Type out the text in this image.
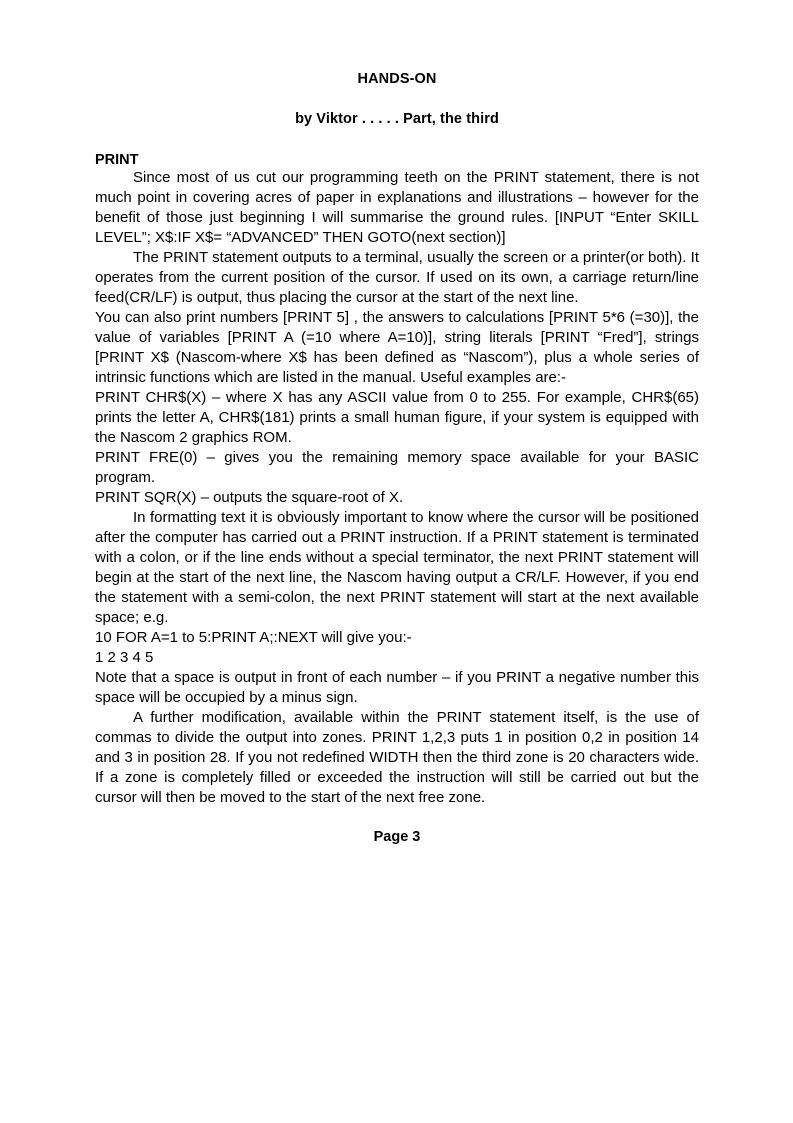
HANDS-ON
by Viktor . . . . . Part, the third
PRINT

Since most of us cut our programming teeth on the PRINT statement, there is not much point in covering acres of paper in explanations and illustrations – however for the benefit of those just beginning I will summarise the ground rules. [INPUT “Enter SKILL LEVEL”; X$:IF X$= “ADVANCED” THEN GOTO(next section)]

The PRINT statement outputs to a terminal, usually the screen or a printer(or both). It operates from the current position of the cursor. If used on its own, a carriage return/line feed(CR/LF) is output, thus placing the cursor at the start of the next line.

You can also print numbers [PRINT 5] , the answers to calculations [PRINT 5*6 (=30)], the value of variables [PRINT A (=10 where A=10)], string literals [PRINT “Fred”], strings [PRINT X$ (Nascom-where X$ has been defined as “Nascom”), plus a whole series of intrinsic functions which are listed in the manual. Useful examples are:-

PRINT CHR$(X) – where X has any ASCII value from 0 to 255. For example, CHR$(65) prints the letter A, CHR$(181) prints a small human figure, if your system is equipped with the Nascom 2 graphics ROM.
PRINT FRE(0) – gives you the remaining memory space available for your BASIC program.
PRINT SQR(X) – outputs the square-root of X.

In formatting text it is obviously important to know where the cursor will be positioned after the computer has carried out a PRINT instruction. If a PRINT statement is terminated with a colon, or if the line ends without a special terminator, the next PRINT statement will begin at the start of the next line, the Nascom having output a CR/LF. However, if you end the statement with a semi-colon, the next PRINT statement will start at the next available space; e.g.

10 FOR A=1 to 5:PRINT A;:NEXT will give you:-

1 2 3 4 5

Note that a space is output in front of each number – if you PRINT a negative number this space will be occupied by a minus sign.

A further modification, available within the PRINT statement itself, is the use of commas to divide the output into zones. PRINT 1,2,3 puts 1 in position 0,2 in position 14 and 3 in position 28. If you not redefined WIDTH then the third zone is 20 characters wide. If a zone is completely filled or exceeded the instruction will still be carried out but the cursor will then be moved to the start of the next free zone.

Page 3
